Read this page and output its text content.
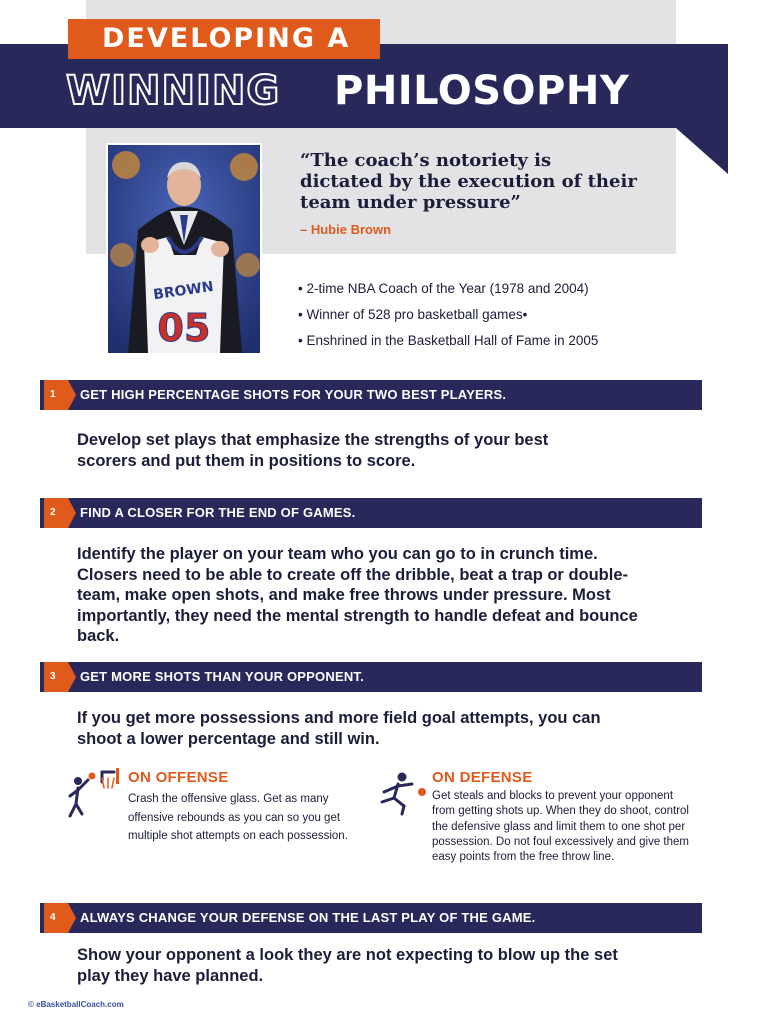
DEVELOPING A
WINNING PHILOSOPHY
BROWN
05
“The coach’s notoriety is dictated by the execution of their team under pressure”
– Hubie Brown
• 2-time NBA Coach of the Year (1978 and 2004)
• Winner of 528 pro basketball games•
• Enshrined in the Basketball Hall of Fame in 2005
1	GET HIGH PERCENTAGE SHOTS FOR YOUR TWO BEST PLAYERS.
Develop set plays that emphasize the strengths of your best scorers and put them in positions to score.
2	FIND A CLOSER FOR THE END OF GAMES.
Identify the player on your team who you can go to in crunch time. Closers need to be able to create off the dribble, beat a trap or double-team, make open shots, and make free throws under pressure. Most importantly, they need the mental strength to handle defeat and bounce back.
3	GET MORE SHOTS THAN YOUR OPPONENT.
If you get more possessions and more field goal attempts, you can shoot a lower percentage and still win.
ON OFFENSE
Crash the offensive glass. Get as many offensive rebounds as you can so you get multiple shot attempts on each possession.
ON DEFENSE
Get steals and blocks to prevent your opponent from getting shots up. When they do shoot, control the defensive glass and limit them to one shot per possession. Do not foul excessively and give them easy points from the free throw line.
4	ALWAYS CHANGE YOUR DEFENSE ON THE LAST PLAY OF THE GAME.
Show your opponent a look they are not expecting to blow up the set play they have planned.
© eBasketballCoach.com
